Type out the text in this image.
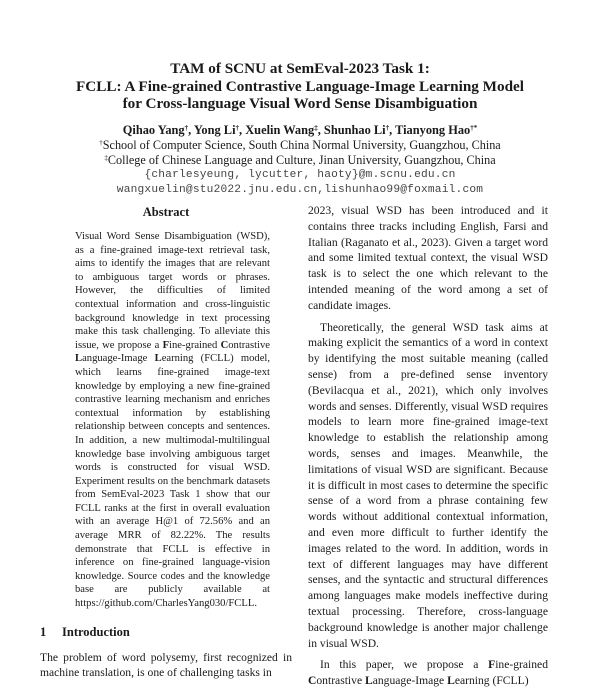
TAM of SCNU at SemEval-2023 Task 1:
FCLL: A Fine-grained Contrastive Language-Image Learning Model
for Cross-language Visual Word Sense Disambiguation
Qihao Yang†, Yong Li†, Xuelin Wang‡, Shunhao Li†, Tianyong Hao†*
†School of Computer Science, South China Normal University, Guangzhou, China
‡College of Chinese Language and Culture, Jinan University, Guangzhou, China
{charlesyeung, lycutter, haoty}@m.scnu.edu.cn
wangxuelin@stu2022.jnu.edu.cn,lishunhao99@foxmail.com
Abstract

Visual Word Sense Disambiguation (WSD), as a fine-grained image-text retrieval task, aims to identify the images that are relevant to ambiguous target words or phrases. However, the difficulties of limited contextual information and cross-linguistic background knowledge in text processing make this task challenging. To alleviate this issue, we propose a Fine-grained Contrastive Language-Image Learning (FCLL) model, which learns fine-grained image-text knowledge by employing a new fine-grained contrastive learning mechanism and enriches contextual information by establishing relationship between concepts and sentences. In addition, a new multimodal-multilingual knowledge base involving ambiguous target words is constructed for visual WSD. Experiment results on the benchmark datasets from SemEval-2023 Task 1 show that our FCLL ranks at the first in overall evaluation with an average H@1 of 72.56% and an average MRR of 82.22%. The results demonstrate that FCLL is effective in inference on fine-grained language-vision knowledge. Source codes and the knowledge base are publicly available at https://github.com/CharlesYang030/FCLL.

1 Introduction

The problem of word polysemy, first recognized in machine translation, is one of challenging tasks in

2023, visual WSD has been introduced and it contains three tracks including English, Farsi and Italian (Raganato et al., 2023). Given a target word and some limited textual context, the visual WSD task is to select the one which relevant to the intended meaning of the word among a set of candidate images.

Theoretically, the general WSD task aims at making explicit the semantics of a word in context by identifying the most suitable meaning (called sense) from a pre-defined sense inventory (Bevilacqua et al., 2021), which only involves words and senses. Differently, visual WSD requires models to learn more fine-grained image-text knowledge to establish the relationship among words, senses and images. Meanwhile, the limitations of visual WSD are significant. Because it is difficult in most cases to determine the specific sense of a word from a phrase containing few words without additional contextual information, and even more difficult to further identify the images related to the word. In addition, words in text of different languages may have different senses, and the syntactic and structural differences among languages make models ineffective during textual processing. Therefore, cross-language background knowledge is another major challenge in visual WSD.

In this paper, we propose a Fine-grained Contrastive Language-Image Learning (FCLL)
